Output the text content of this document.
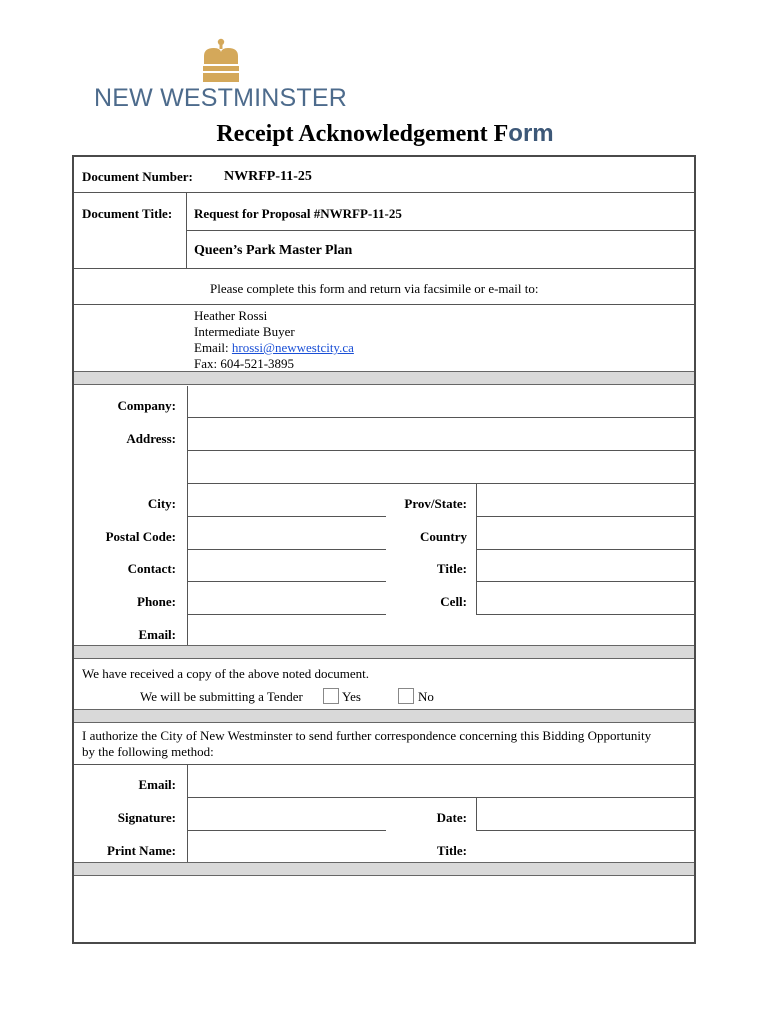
NEW WESTMINSTER
Receipt Acknowledgement Form
Document Number: NWRFP-11-25
Document Title: Request for Proposal #NWRFP-11-25
Queen’s Park Master Plan
Please complete this form and return via facsimile or e-mail to:
Heather Rossi
Intermediate Buyer
Email: hrossi@newwestcity.ca
Fax: 604-521-3895
Company:
Address:
City:	Prov/State:
Postal Code:	Country
Contact:	Title:
Phone:	Cell:
Email:
We have received a copy of the above noted document.
We will be submitting a Tender	Yes	No
I authorize the City of New Westminster to send further correspondence concerning this Bidding Opportunity
by the following method:
Email:
Signature:	Date:
Print Name:	Title:
